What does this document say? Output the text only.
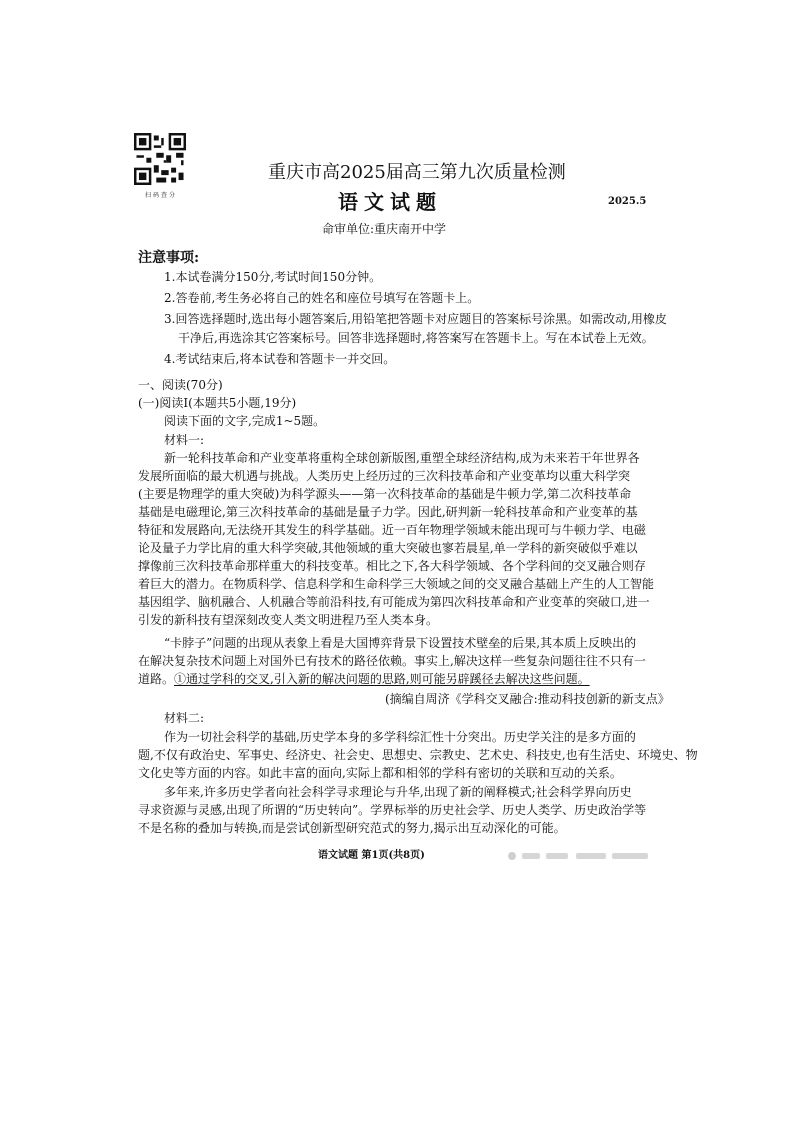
扫码查分
重庆市高2025届高三第九次质量检测
语文试题	2025.5
命审单位:重庆南开中学
注意事项:
1.本试卷满分150分,考试时间150分钟。
2.答卷前,考生务必将自己的姓名和座位号填写在答题卡上。
3.回答选择题时,选出每小题答案后,用铅笔把答题卡对应题目的答案标号涂黑。如需改动,用橡皮
干净后,再选涂其它答案标号。回答非选择题时,将答案写在答题卡上。写在本试卷上无效。
4.考试结束后,将本试卷和答题卡一并交回。
一、阅读(70分)
(一)阅读Ⅰ(本题共5小题,19分)
阅读下面的文字,完成1~5题。
材料一:
新一轮科技革命和产业变革将重构全球创新版图,重塑全球经济结构,成为未来若干年世界各
发展所面临的最大机遇与挑战。人类历史上经历过的三次科技革命和产业变革均以重大科学突
(主要是物理学的重大突破)为科学源头——第一次科技革命的基础是牛顿力学,第二次科技革命
基础是电磁理论,第三次科技革命的基础是量子力学。因此,研判新一轮科技革命和产业变革的基
特征和发展路向,无法绕开其发生的科学基础。近一百年物理学领域未能出现可与牛顿力学、电磁
论及量子力学比肩的重大科学突破,其他领域的重大突破也寥若晨星,单一学科的新突破似乎难以
撑像前三次科技革命那样重大的科技变革。相比之下,各大科学领域、各个学科间的交叉融合则存
着巨大的潜力。在物质科学、信息科学和生命科学三大领域之间的交叉融合基础上产生的人工智能
基因组学、脑机融合、人机融合等前沿科技,有可能成为第四次科技革命和产业变革的突破口,进一
引发的新科技有望深刻改变人类文明进程乃至人类本身。
“卡脖子”问题的出现从表象上看是大国博弈背景下设置技术壁垒的后果,其本质上反映出的
在解决复杂技术问题上对国外已有技术的路径依赖。事实上,解决这样一些复杂问题往往不只有一
道路。①通过学科的交叉,引入新的解决问题的思路,则可能另辟蹊径去解决这些问题。
(摘编自周济《学科交叉融合:推动科技创新的新支点》
材料二:
作为一切社会科学的基础,历史学本身的多学科综汇性十分突出。历史学关注的是多方面的
题,不仅有政治史、军事史、经济史、社会史、思想史、宗教史、艺术史、科技史,也有生活史、环境史、物
文化史等方面的内容。如此丰富的面向,实际上都和相邻的学科有密切的关联和互动的关系。
多年来,许多历史学者向社会科学寻求理论与升华,出现了新的阐释模式;社会科学界向历史
寻求资源与灵感,出现了所谓的“历史转向”。学界标举的历史社会学、历史人类学、历史政治学等
不是名称的叠加与转换,而是尝试创新型研究范式的努力,揭示出互动深化的可能。
语文试题 第1页(共8页)
